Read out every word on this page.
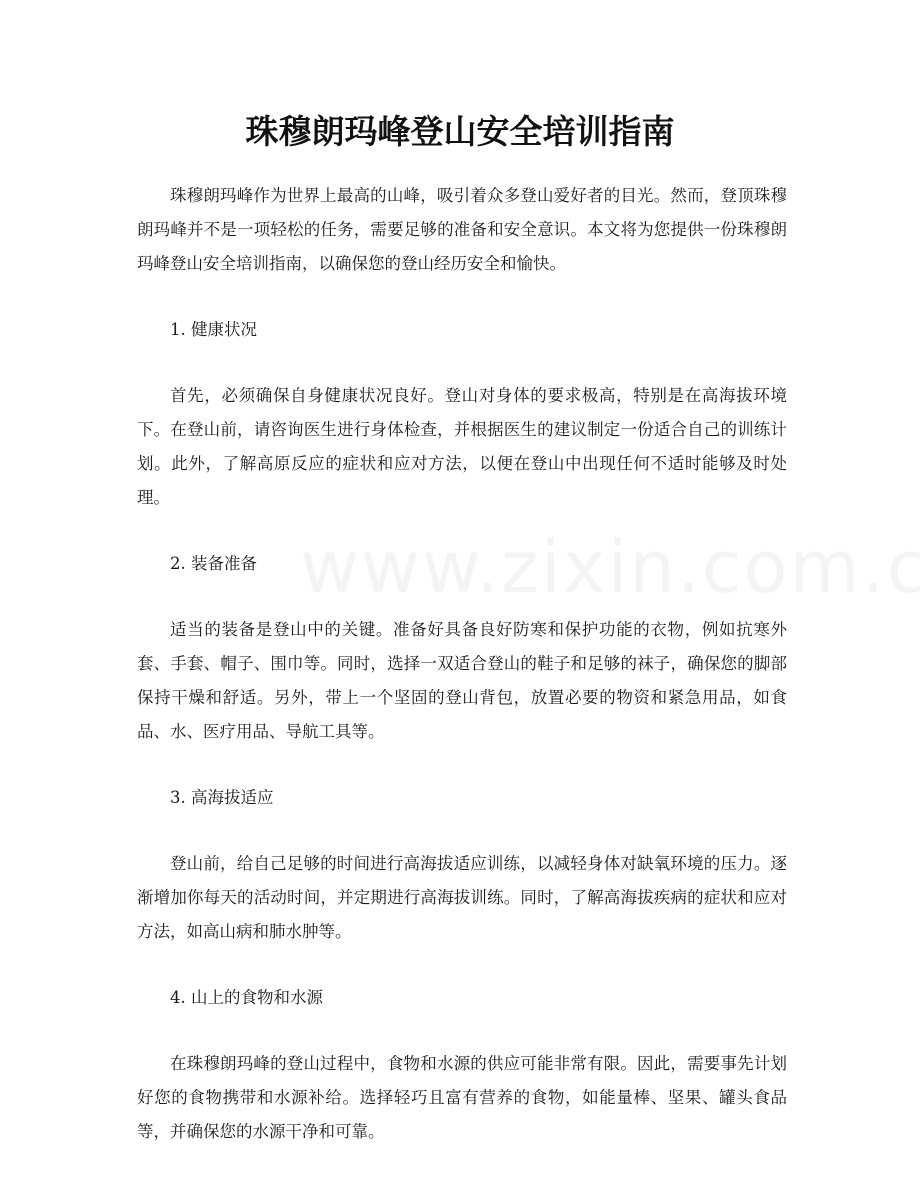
珠穆朗玛峰登山安全培训指南

珠穆朗玛峰作为世界上最高的山峰，吸引着众多登山爱好者的目光。然而，登顶珠穆朗玛峰并不是一项轻松的任务，需要足够的准备和安全意识。本文将为您提供一份珠穆朗玛峰登山安全培训指南，以确保您的登山经历安全和愉快。

1. 健康状况

首先，必须确保自身健康状况良好。登山对身体的要求极高，特别是在高海拔环境下。在登山前，请咨询医生进行身体检查，并根据医生的建议制定一份适合自己的训练计划。此外，了解高原反应的症状和应对方法，以便在登山中出现任何不适时能够及时处理。

2. 装备准备

适当的装备是登山中的关键。准备好具备良好防寒和保护功能的衣物，例如抗寒外套、手套、帽子、围巾等。同时，选择一双适合登山的鞋子和足够的袜子，确保您的脚部保持干燥和舒适。另外，带上一个坚固的登山背包，放置必要的物资和紧急用品，如食品、水、医疗用品、导航工具等。

3. 高海拔适应

登山前，给自己足够的时间进行高海拔适应训练，以减轻身体对缺氧环境的压力。逐渐增加你每天的活动时间，并定期进行高海拔训练。同时，了解高海拔疾病的症状和应对方法，如高山病和肺水肿等。

4. 山上的食物和水源

在珠穆朗玛峰的登山过程中，食物和水源的供应可能非常有限。因此，需要事先计划好您的食物携带和水源补给。选择轻巧且富有营养的食物，如能量棒、坚果、罐头食品等，并确保您的水源干净和可靠。
